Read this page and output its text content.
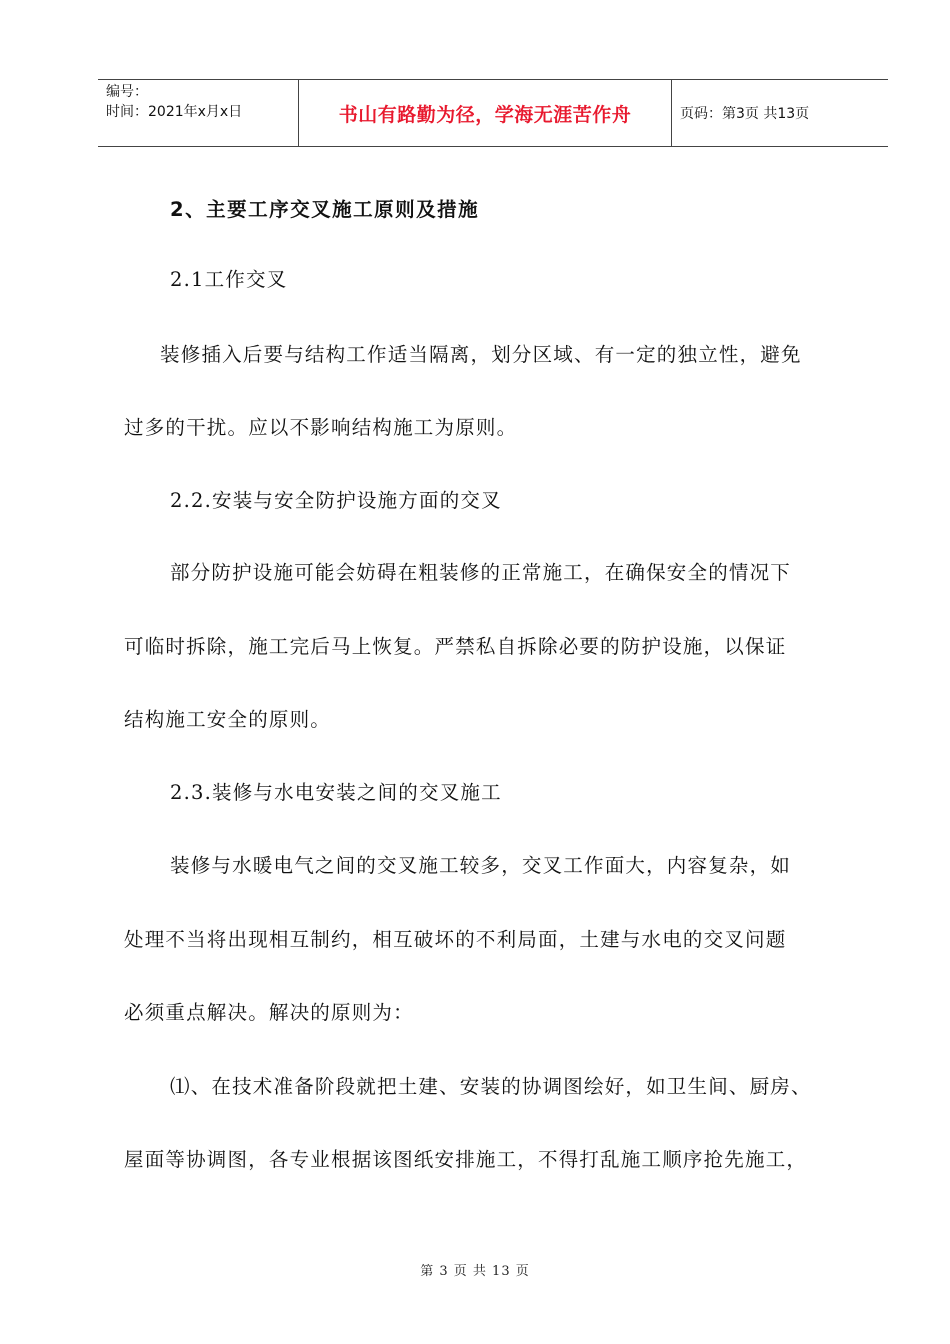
编号：
时间：2021年x月x日	书山有路勤为径，学海无涯苦作舟	页码：第3页 共13页
2、主要工序交叉施工原则及措施
2.1工作交叉
装修插入后要与结构工作适当隔离，划分区域、有一定的独立性，避免
过多的干扰。应以不影响结构施工为原则。
2.2.安装与安全防护设施方面的交叉
部分防护设施可能会妨碍在粗装修的正常施工，在确保安全的情况下
可临时拆除，施工完后马上恢复。严禁私自拆除必要的防护设施，以保证
结构施工安全的原则。
2.3.装修与水电安装之间的交叉施工
装修与水暖电气之间的交叉施工较多，交叉工作面大，内容复杂，如
处理不当将出现相互制约，相互破坏的不利局面，土建与水电的交叉问题
必须重点解决。解决的原则为：
⑴、在技术准备阶段就把土建、安装的协调图绘好，如卫生间、厨房、
屋面等协调图，各专业根据该图纸安排施工，不得打乱施工顺序抢先施工，
第 3 页 共 13 页
